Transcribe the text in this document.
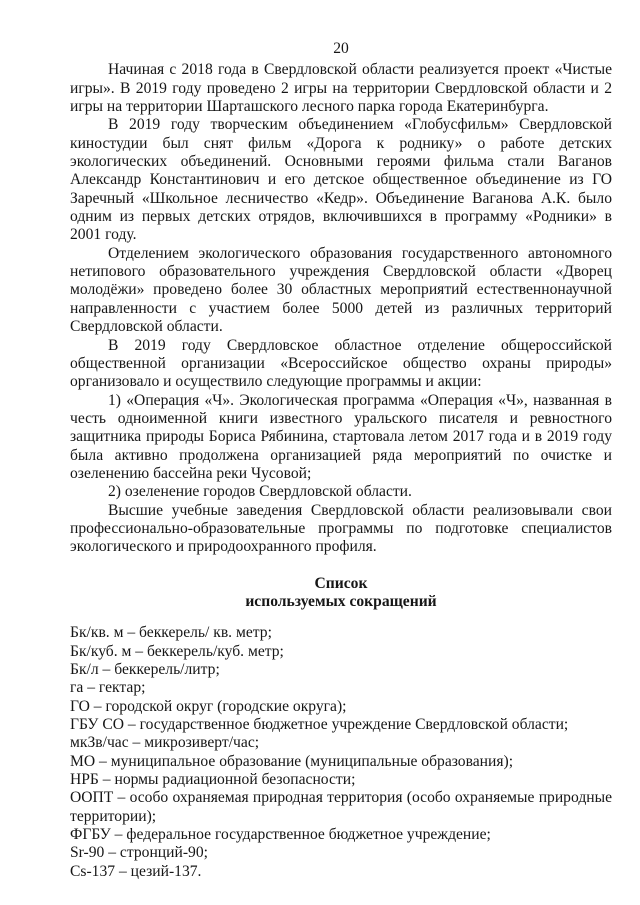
20

Начиная с 2018 года в Свердловской области реализуется проект «Чистые игры». В 2019 году проведено 2 игры на территории Свердловской области и 2 игры на территории Шарташского лесного парка города Екатеринбурга.

В 2019 году творческим объединением «Глобусфильм» Свердловской киностудии был снят фильм «Дорога к роднику» о работе детских экологических объединений. Основными героями фильма стали Ваганов Александр Константинович и его детское общественное объединение из ГО Заречный «Школьное лесничество «Кедр». Объединение Ваганова А.К. было одним из первых детских отрядов, включившихся в программу «Родники» в 2001 году.

Отделением экологического образования государственного автономного нетипового образовательного учреждения Свердловской области «Дворец молодёжи» проведено более 30 областных мероприятий естественнонаучной направленности с участием более 5000 детей из различных территорий Свердловской области.

В 2019 году Свердловское областное отделение общероссийской общественной организации «Всероссийское общество охраны природы» организовало и осуществило следующие программы и акции:

1) «Операция «Ч». Экологическая программа «Операция «Ч», названная в честь одноименной книги известного уральского писателя и ревностного защитника природы Бориса Рябинина, стартовала летом 2017 года и в 2019 году была активно продолжена организацией ряда мероприятий по очистке и озеленению бассейна реки Чусовой;

2) озеленение городов Свердловской области.

Высшие учебные заведения Свердловской области реализовывали свои профессионально-образовательные программы по подготовке специалистов экологического и природоохранного профиля.

Список
используемых сокращений

Бк/кв. м – беккерель/ кв. метр;

Бк/куб. м – беккерель/куб. метр;

Бк/л – беккерель/литр;

га – гектар;

ГО – городской округ (городские округа);

ГБУ СО – государственное бюджетное учреждение Свердловской области;

мкЗв/час – микрозиверт/час;

МО – муниципальное образование (муниципальные образования);

НРБ – нормы радиационной безопасности;

ООПТ – особо охраняемая природная территория (особо охраняемые природные территории);

ФГБУ – федеральное государственное бюджетное учреждение;

Sr-90 – стронций-90;

Cs-137 – цезий-137.
